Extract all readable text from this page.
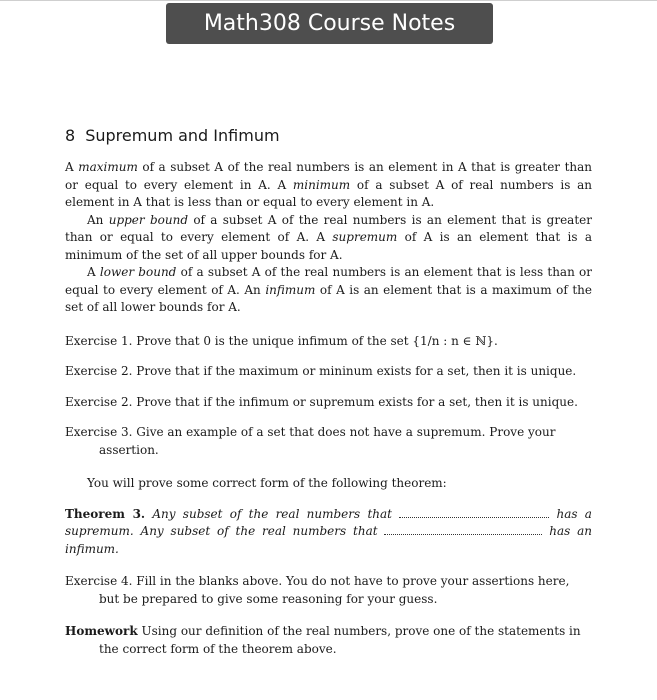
Math308 Course Notes
8 Supremum and Infimum

A maximum of a subset A of the real numbers is an element in A that is greater than or equal to every element in A. A minimum of a subset A of real numbers is an element in A that is less than or equal to every element in A.

An upper bound of a subset A of the real numbers is an element that is greater than or equal to every element of A. A supremum of A is an element that is a minimum of the set of all upper bounds for A.

A lower bound of a subset A of the real numbers is an element that is less than or equal to every element of A. An infimum of A is an element that is a maximum of the set of all lower bounds for A.

Exercise 1. Prove that 0 is the unique infimum of the set {1/n : n ∈ ℕ}.

Exercise 2. Prove that if the maximum or mininum exists for a set, then it is unique.

Exercise 2. Prove that if the infimum or supremum exists for a set, then it is unique.

Exercise 3. Give an example of a set that does not have a supremum. Prove your assertion.

You will prove some correct form of the following theorem:

Theorem 3. Any subset of the real numbers that	has a supremum. Any subset of the real numbers that	has an infimum.

Exercise 4. Fill in the blanks above. You do not have to prove your assertions here, but be prepared to give some reasoning for your guess.

Homework Using our definition of the real numbers, prove one of the statements in the correct form of the theorem above.
